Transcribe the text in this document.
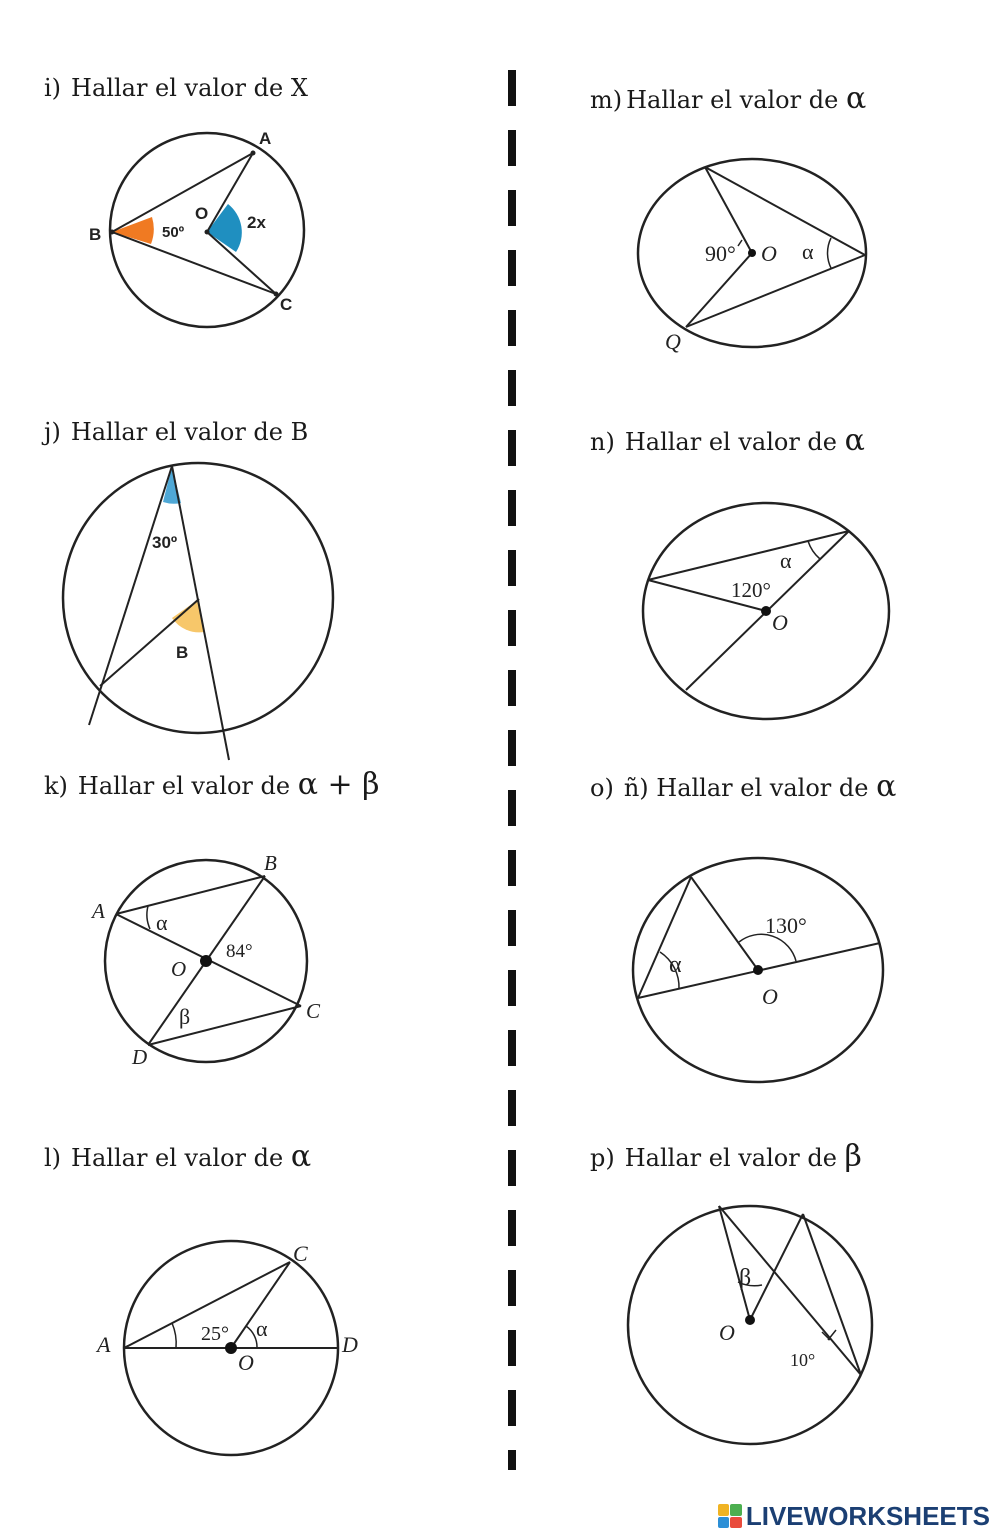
i) Hallar el valor de X
j) Hallar el valor de B
k) Hallar el valor de α + β
l) Hallar el valor de α
m) Hallar el valor de α
n) Hallar el valor de α
o) ñ) Hallar el valor de α
p) Hallar el valor de β
A
B
C
O
50º
2x
30º
B
A
B
C
D
O
α
β
84°
A
C
D
O
25° α
90° O α
Q
α
120°
O
130°
α
O
β
O
10°
LIVEWORKSHEETS
